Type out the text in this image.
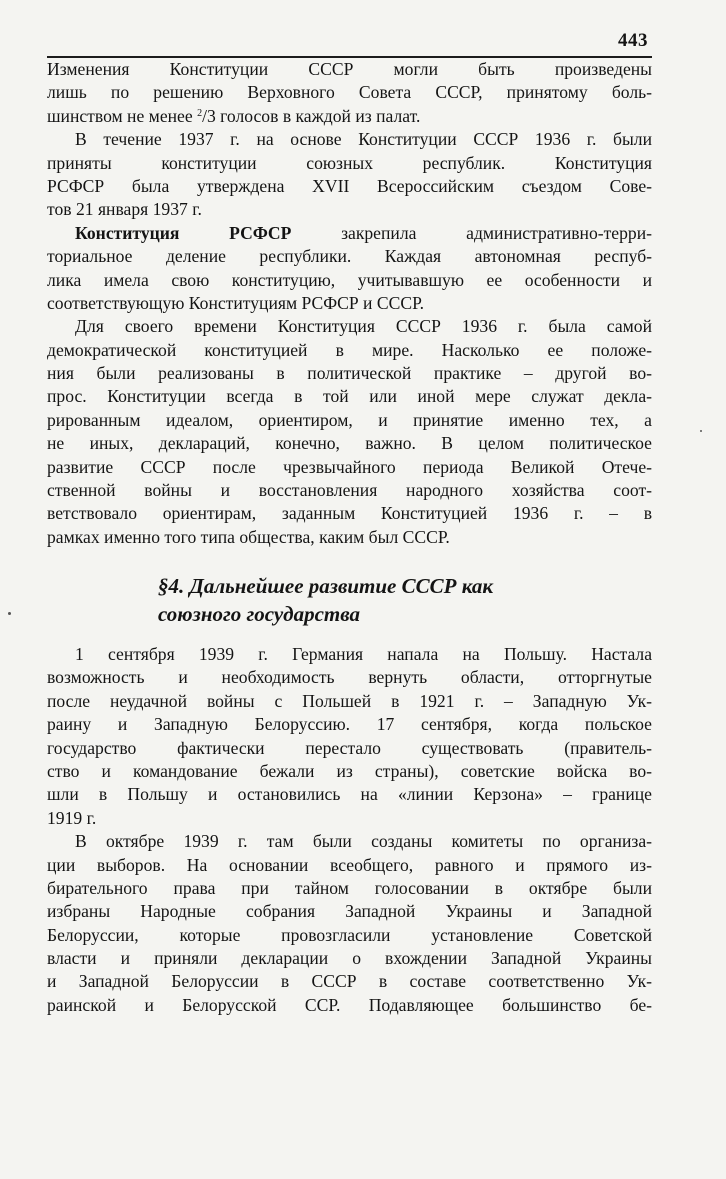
443
Изменения Конституции СССР могли быть произведены
лишь по решению Верховного Совета СССР, принятому боль-
шинством не менее $^2$/3 голосов в каждой из палат.
В течение 1937 г. на основе Конституции СССР 1936 г. были
приняты конституции союзных республик. Конституция
РСФСР была утверждена XVII Всероссийским съездом Сове-
тов 21 января 1937 г.
Конституция РСФСР закрепила административно-терри-
ториальное деление республики. Каждая автономная респуб-
лика имела свою конституцию, учитывавшую ее особенности и
соответствующую Конституциям РСФСР и СССР.
Для своего времени Конституция СССР 1936 г. была самой
демократической конституцией в мире. Насколько ее положе-
ния были реализованы в политической практике – другой во-
прос. Конституции всегда в той или иной мере служат декла-
рированным идеалом, ориентиром, и принятие именно тех, а
не иных, деклараций, конечно, важно. В целом политическое
развитие СССР после чрезвычайного периода Великой Отече-
ственной войны и восстановления народного хозяйства соот-
ветствовало ориентирам, заданным Конституцией 1936 г. – в
рамках именно того типа общества, каким был СССР.
§4. Дальнейшее развитие СССР как
союзного государства
1 сентября 1939 г. Германия напала на Польшу. Настала
возможность и необходимость вернуть области, отторгнутые
после неудачной войны с Польшей в 1921 г. – Западную Ук-
раину и Западную Белоруссию. 17 сентября, когда польское
государство фактически перестало существовать (правитель-
ство и командование бежали из страны), советские войска во-
шли в Польшу и остановились на «линии Керзона» – границе
1919 г.
В октябре 1939 г. там были созданы комитеты по организа-
ции выборов. На основании всеобщего, равного и прямого из-
бирательного права при тайном голосовании в октябре были
избраны Народные собрания Западной Украины и Западной
Белоруссии, которые провозгласили установление Советской
власти и приняли декларации о вхождении Западной Украины
и Западной Белоруссии в СССР в составе соответственно Ук-
раинской и Белорусской ССР. Подавляющее большинство бе-
